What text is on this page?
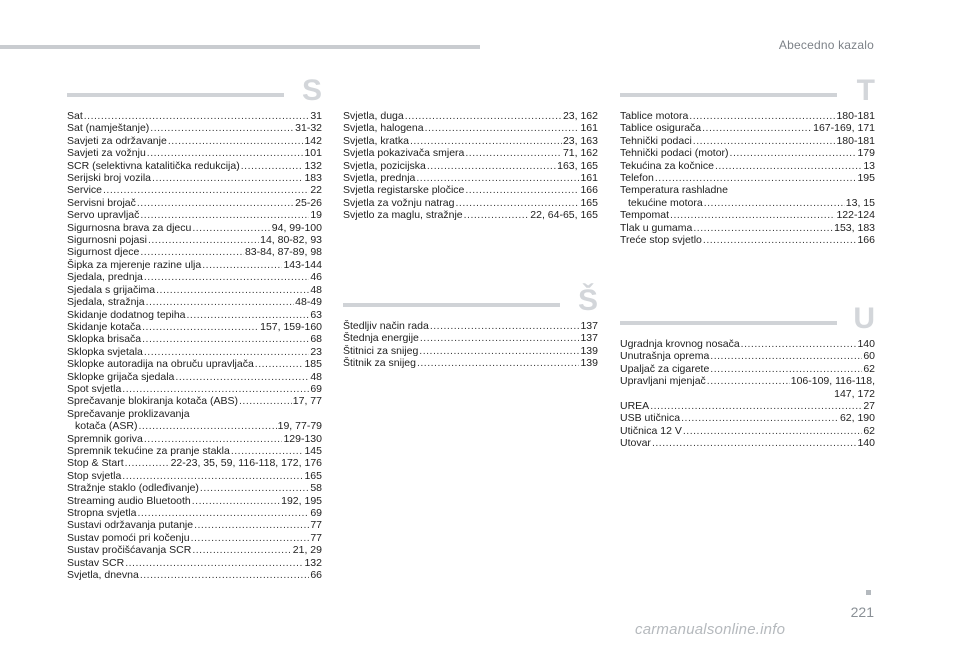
Abecedno kazalo
S
Sat .....	31
Sat (namještanje) .....	31-32
Savjeti za održavanje .....	142
Savjeti za vožnju .....	101
SCR (selektivna katalitička redukcija) .....	132
Serijski broj vozila .....	183
Service .....	22
Servisni brojač .....	25-26
Servo upravljač .....	19
Sigurnosna brava za djecu .....	94, 99-100
Sigurnosni pojasi .....	14, 80-82, 93
Sigurnost djece .....	83-84, 87-89, 98
Šipka za mjerenje razine ulja .....	143-144
Sjedala, prednja .....	46
Sjedala s grijačima .....	48
Sjedala, stražnja .....	48-49
Skidanje dodatnog tepiha .....	63
Skidanje kotača .....	157, 159-160
Sklopka brisača .....	68
Sklopka svjetala .....	23
Sklopke autoradija na obruču upravljača .....	185
Sklopke grijača sjedala .....	48
Spot svjetla .....	69
Sprečavanje blokiranja kotača (ABS) .....	17, 77
Sprečavanje proklizavanja
kotača (ASR) .....	19, 77-79
Spremnik goriva .....	129-130
Spremnik tekućine za pranje stakla .....	145
Stop & Start .....	22-23, 35, 59, 116-118, 172, 176
Stop svjetla .....	165
Stražnje staklo (odleđivanje) .....	58
Streaming audio Bluetooth .....	192, 195
Stropna svjetla .....	69
Sustavi održavanja putanje .....	77
Sustav pomoći pri kočenju .....	77
Sustav pročišćavanja SCR .....	21, 29
Sustav SCR .....	132
Svjetla, dnevna .....	66
Svjetla, duga .....	23, 162
Svjetla, halogena .....	161
Svjetla, kratka .....	23, 163
Svjetla pokazivača smjera .....	71, 162
Svjetla, pozicijska .....	163, 165
Svjetla, prednja .....	161
Svjetla registarske pločice .....	166
Svjetla za vožnju natrag .....	165
Svjetlo za maglu, stražnje .....	22, 64-65, 165
Š
Štedljiv način rada .....	137
Štednja energije .....	137
Štitnici za snijeg .....	139
Štitnik za snijeg .....	139
T
Tablice motora .....	180-181
Tablice osigurača .....	167-169, 171
Tehnički podaci .....	180-181
Tehnički podaci (motor) .....	179
Tekućina za kočnice .....	13
Telefon .....	195
Temperatura rashladne
tekućine motora .....	13, 15
Tempomat .....	122-124
Tlak u gumama .....	153, 183
Treće stop svjetlo .....	166
U
Ugradnja krovnog nosača .....	140
Unutrašnja oprema .....	60
Upaljač za cigarete .....	62
Upravljani mjenjač .....	106-109, 116-118,
147, 172
UREA .....	27
USB utičnica .....	62, 190
Utičnica 12 V .....	62
Utovar .....	140
221
carmanualsonline.info
